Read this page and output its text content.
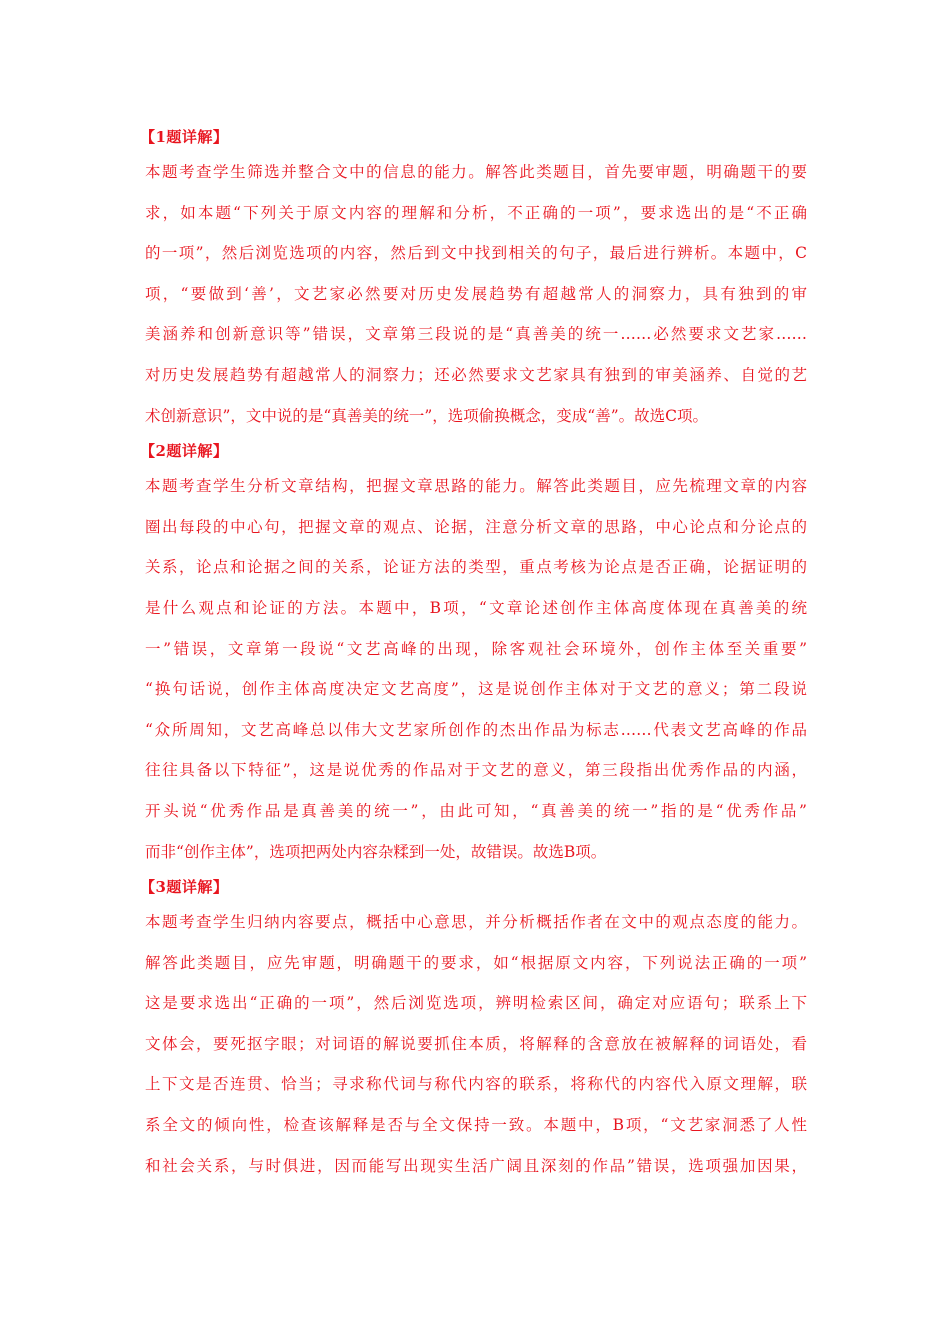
【1题详解】
本题考查学生筛选并整合文中的信息的能力。解答此类题目，首先要审题，明确题干的要
求，如本题“下列关于原文内容的理解和分析，不正确的一项”，要求选出的是“不正确
的一项”，然后浏览选项的内容，然后到文中找到相关的句子，最后进行辨析。本题中，C
项，“要做到‘善’，文艺家必然要对历史发展趋势有超越常人的洞察力，具有独到的审
美涵养和创新意识等”错误，文章第三段说的是“真善美的统一……必然要求文艺家……
对历史发展趋势有超越常人的洞察力；还必然要求文艺家具有独到的审美涵养、自觉的艺
术创新意识”，文中说的是“真善美的统一”，选项偷换概念，变成“善”。故选C项。
【2题详解】
本题考查学生分析文章结构，把握文章思路的能力。解答此类题目，应先梳理文章的内容
圈出每段的中心句，把握文章的观点、论据，注意分析文章的思路，中心论点和分论点的
关系，论点和论据之间的关系，论证方法的类型，重点考核为论点是否正确，论据证明的
是什么观点和论证的方法。本题中，B项，“文章论述创作主体高度体现在真善美的统
一”错误，文章第一段说“文艺高峰的出现，除客观社会环境外，创作主体至关重要”
“换句话说，创作主体高度决定文艺高度”，这是说创作主体对于文艺的意义；第二段说
“众所周知，文艺高峰总以伟大文艺家所创作的杰出作品为标志……代表文艺高峰的作品
往往具备以下特征”，这是说优秀的作品对于文艺的意义，第三段指出优秀作品的内涵，
开头说“优秀作品是真善美的统一”，由此可知，“真善美的统一”指的是“优秀作品”
而非“创作主体”，选项把两处内容杂糅到一处，故错误。故选B项。
【3题详解】
本题考查学生归纳内容要点，概括中心意思，并分析概括作者在文中的观点态度的能力。
解答此类题目，应先审题，明确题干的要求，如“根据原文内容，下列说法正确的一项”
这是要求选出“正确的一项”，然后浏览选项，辨明检索区间，确定对应语句；联系上下
文体会，要死抠字眼；对词语的解说要抓住本质，将解释的含意放在被解释的词语处，看
上下文是否连贯、恰当；寻求称代词与称代内容的联系，将称代的内容代入原文理解，联
系全文的倾向性，检查该解释是否与全文保持一致。本题中，B项，“文艺家洞悉了人性
和社会关系，与时俱进，因而能写出现实生活广阔且深刻的作品”错误，选项强加因果，
